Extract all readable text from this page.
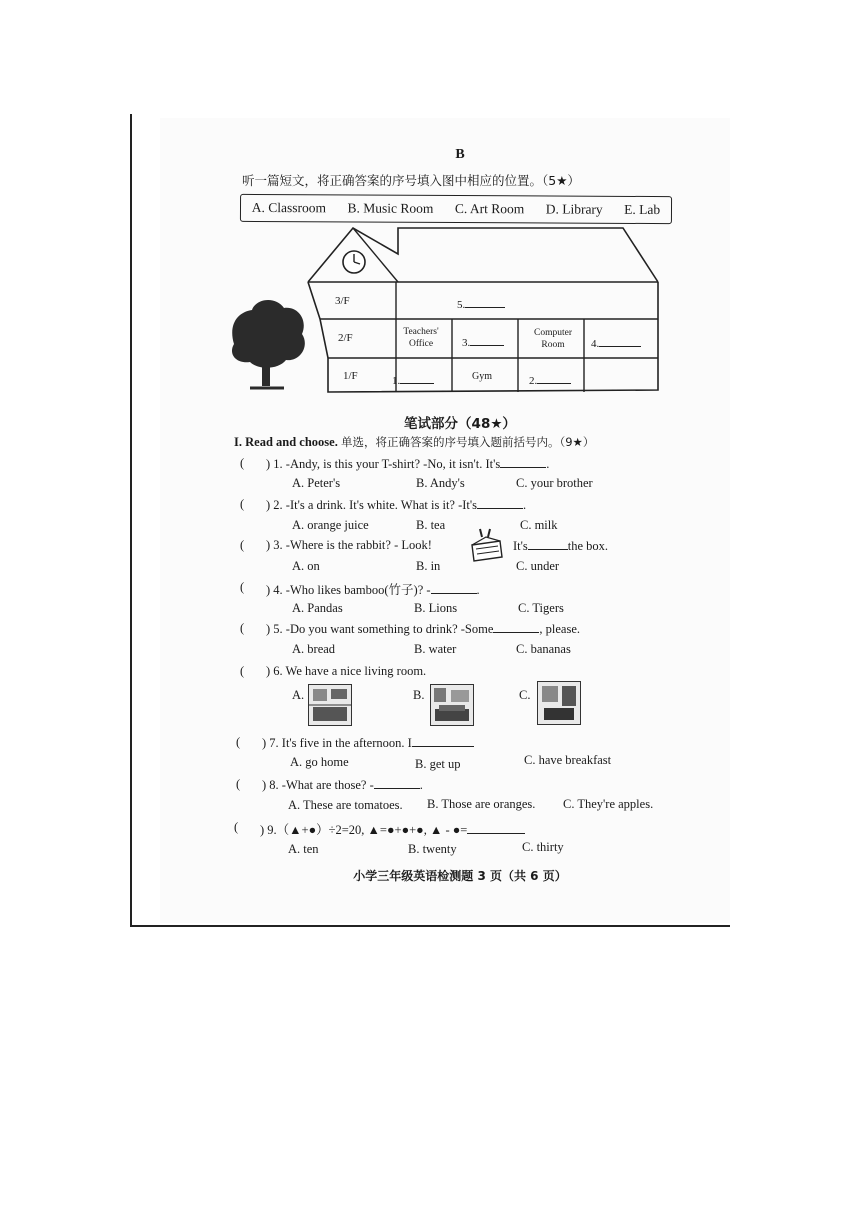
B
听一篇短文，将正确答案的序号填入图中相应的位置。（5★）
A. Classroom B. Music Room C. Art Room D. Library E. Lab
3/F
2/F
1/F
5.
Teachers' Office	3.
Computer Room	4.
1.	Gym	2.
笔试部分（48★）
I. Read and choose. 单选，将正确答案的序号填入题前括号内。（9★）
( ) 1. -Andy, is this your T-shirt? -No, it isn't. It's	.
A. Peter's	B. Andy's	C. your brother
( ) 2. -It's a drink. It's white. What is it? -It's	.
A. orange juice	B. tea	C. milk
( ) 3. -Where is the rabbit? - Look!	It's	the box.
A. on	B. in	C. under
( ) 4. -Who likes bamboo(竹子)? -	.
A. Pandas	B. Lions	C. Tigers
( ) 5. -Do you want something to drink? -Some	, please.
A. bread	B. water	C. bananas
( ) 6. We have a nice living room.
A.	B.	C.
( ) 7. It's five in the afternoon. I
A. go home	B. get up	C. have breakfast
( ) 8. -What are those? -	.
A. These are tomatoes. B. Those are oranges. C. They're apples.
( ) 9.（▲+●）÷2=20, ▲=●+●+●, ▲ - ●=
A. ten	B. twenty	C. thirty
小学三年级英语检测题 3 页（共 6 页）
